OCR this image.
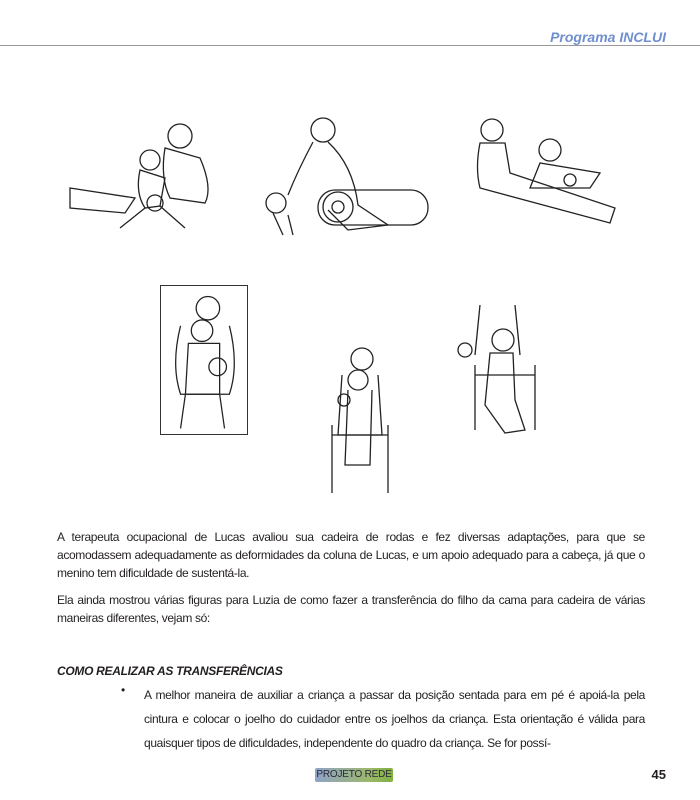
Programa INCLUI
A terapeuta ocupacional de Lucas avaliou sua cadeira de rodas e fez diversas adaptações, para que se acomodassem adequadamente as deformidades da coluna de Lucas, e um apoio adequado para a cabeça, já que o menino tem dificuldade de sustentá-la.
Ela ainda mostrou várias figuras para Luzia de como fazer a transferência do filho da cama para cadeira de várias maneiras diferentes, vejam só:
COMO REALIZAR AS TRANSFERÊNCIAS
• A melhor maneira de auxiliar a criança a passar da posição sentada para em pé é apoiá-la pela cintura e colocar o joelho do cuidador entre os joelhos da criança. Esta orientação é válida para quaisquer tipos de dificuldades, independente do quadro da criança. Se for possí-
PROJETO REDE	45
